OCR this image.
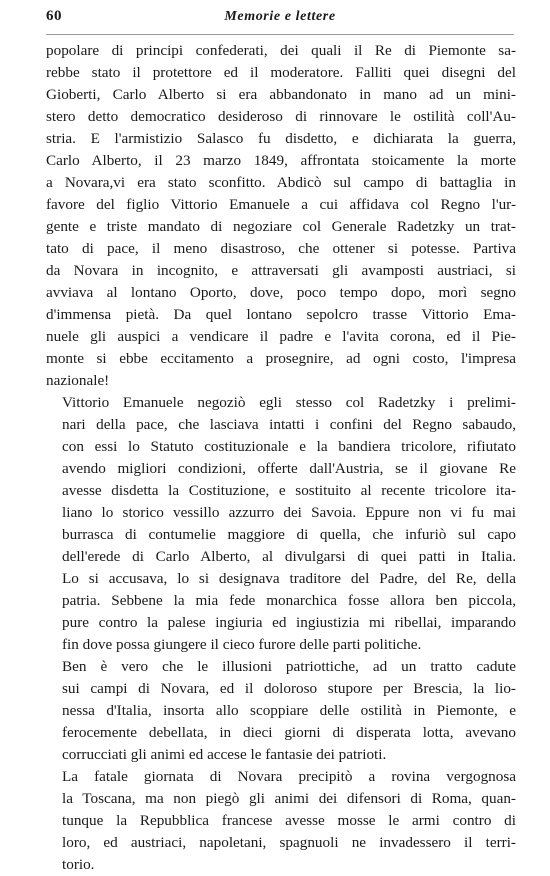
60	Memorie e lettere
popolare di principi confederati, dei quali il Re di Piemonte sa-
rebbe stato il protettore ed il moderatore. Falliti quei disegni del
Gioberti, Carlo Alberto si era abbandonato in mano ad un mini-
stero detto democratico desideroso di rinnovare le ostilità coll'Au-
stria. E l'armistizio Salasco fu disdetto, e dichiarata la guerra,
Carlo Alberto, il 23 marzo 1849, affrontata stoicamente la morte
a Novara,vi era stato sconfitto. Abdicò sul campo di battaglia in
favore del figlio Vittorio Emanuele a cui affidava col Regno l'ur-
gente e triste mandato di negoziare col Generale Radetzky un trat-
tato di pace, il meno disastroso, che ottener si potesse. Partiva
da Novara in incognito, e attraversati gli avamposti austriaci, si
avviava al lontano Oporto, dove, poco tempo dopo, morì segno
d'immensa pietà. Da quel lontano sepolcro trasse Vittorio Ema-
nuele gli auspici a vendicare il padre e l'avita corona, ed il Pie-
monte si ebbe eccitamento a prosegnire, ad ogni costo, l'impresa
nazionale!
Vittorio Emanuele negoziò egli stesso col Radetzky i prelimi-
nari della pace, che lasciava intatti i confini del Regno sabaudo,
con essi lo Statuto costituzionale e la bandiera tricolore, rifiutato
avendo migliori condizioni, offerte dall'Austria, se il giovane Re
avesse disdetta la Costituzione, e sostituito al recente tricolore ita-
liano lo storico vessillo azzurro dei Savoia. Eppure non vi fu mai
burrasca di contumelie maggiore di quella, che infuriò sul capo
dell'erede di Carlo Alberto, al divulgarsi di quei patti in Italia.
Lo si accusava, lo si designava traditore del Padre, del Re, della
patria. Sebbene la mia fede monarchica fosse allora ben piccola,
pure contro la palese ingiuria ed ingiustizia mi ribellai, imparando
fin dove possa giungere il cieco furore delle parti politiche.
Ben è vero che le illusioni patriottiche, ad un tratto cadute
sui campi di Novara, ed il doloroso stupore per Brescia, la lio-
nessa d'Italia, insorta allo scoppiare delle ostilità in Piemonte, e
ferocemente debellata, in dieci giorni di disperata lotta, avevano
corrucciati gli animi ed accese le fantasie dei patrioti.
La fatale giornata di Novara precipitò a rovina vergognosa
la Toscana, ma non piegò gli animi dei difensori di Roma, quan-
tunque la Repubblica francese avesse mosse le armi contro di
loro, ed austriaci, napoletani, spagnuoli ne invadessero il terri-
torio.
